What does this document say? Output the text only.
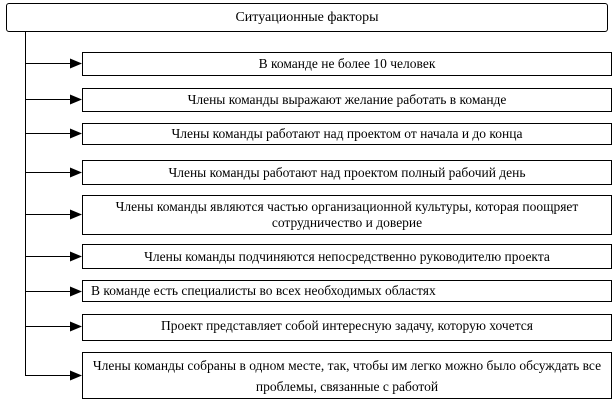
Ситуационные факторы
В команде не более 10 человек
Члены команды выражают желание работать в команде
Члены команды работают над проектом от начала и до конца
Члены команды работают над проектом полный рабочий день
Члены команды являются частью организационной культуры, которая поощряет сотрудничество и доверие
Члены команды подчиняются непосредственно руководителю проекта
В команде есть специалисты во всех необходимых областях
Проект представляет собой интересную задачу, которую хочется
Члены команды собраны в одном месте, так, чтобы им легко можно было обсуждать все проблемы, связанные с работой
